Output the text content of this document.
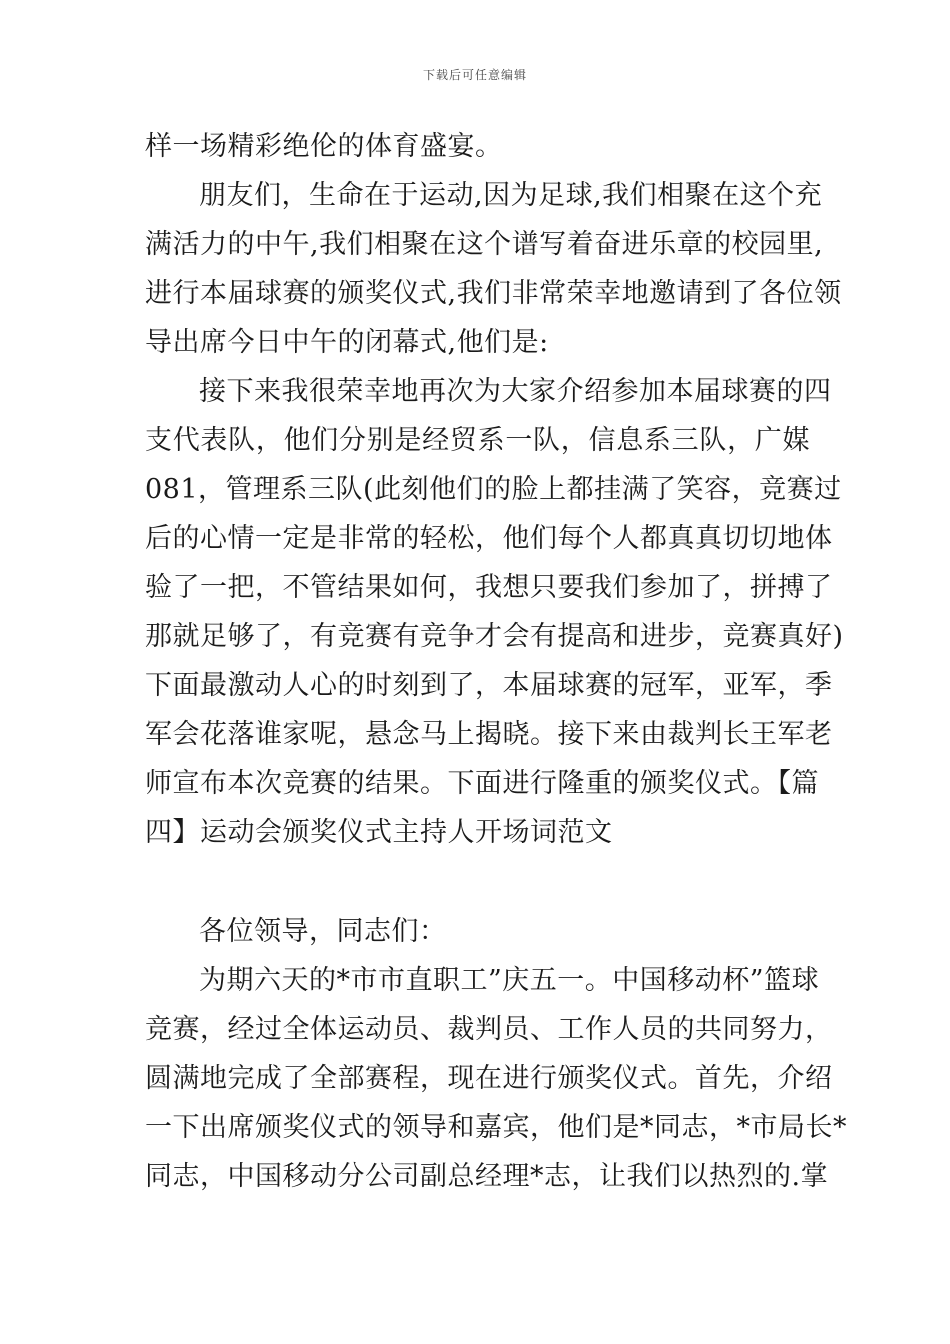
下载后可任意编辑
样一场精彩绝伦的体育盛宴。
朋友们，生命在于运动,因为足球,我们相聚在这个充
满活力的中午,我们相聚在这个谱写着奋进乐章的校园里,
进行本届球赛的颁奖仪式,我们非常荣幸地邀请到了各位领
导出席今日中午的闭幕式,他们是:
接下来我很荣幸地再次为大家介绍参加本届球赛的四
支代表队，他们分别是经贸系一队，信息系三队，广媒
081，管理系三队(此刻他们的脸上都挂满了笑容，竞赛过
后的心情一定是非常的轻松，他们每个人都真真切切地体
验了一把，不管结果如何，我想只要我们参加了，拼搏了
那就足够了，有竞赛有竞争才会有提高和进步，竞赛真好)
下面最激动人心的时刻到了，本届球赛的冠军，亚军，季
军会花落谁家呢，悬念马上揭晓。接下来由裁判长王军老
师宣布本次竞赛的结果。下面进行隆重的颁奖仪式。【篇
四】运动会颁奖仪式主持人开场词范文
各位领导，同志们：
为期六天的*市市直职工”庆五一。中国移动杯”篮球
竞赛，经过全体运动员、裁判员、工作人员的共同努力，
圆满地完成了全部赛程，现在进行颁奖仪式。首先，介绍
一下出席颁奖仪式的领导和嘉宾，他们是*同志，*市局长*
同志，中国移动分公司副总经理*志，让我们以热烈的.掌
